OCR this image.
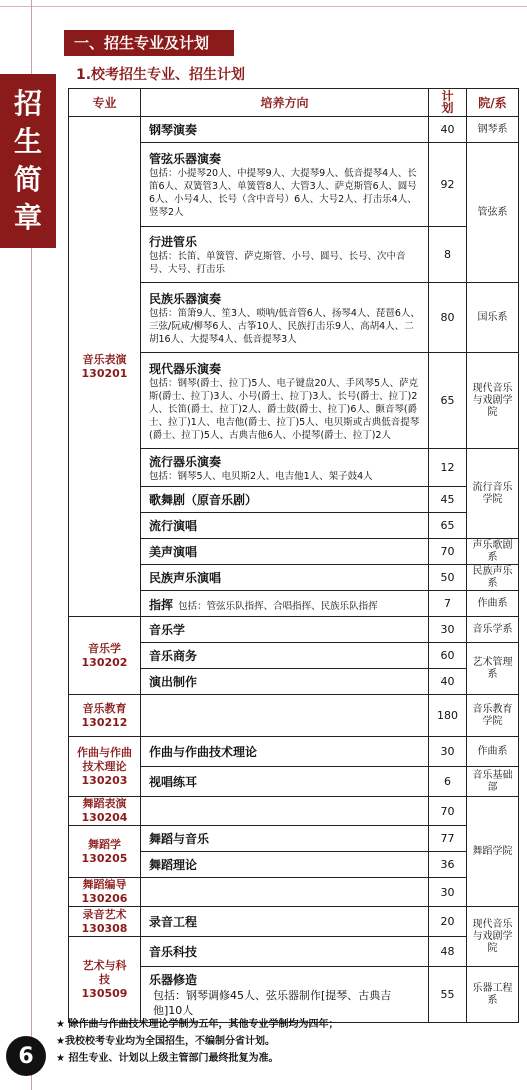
招
生
简
章
一、招生专业及计划
1.校考招生专业、招生计划
专业	培养方向	计划	院/系
音乐表演
130201	钢琴演奏	40	钢琴系

	管弦乐器演奏
包括：小提琴20人、中提琴9人、大提琴9人、低音提琴4人、长笛6人、双簧管3人、单簧管8人、大管3人、萨克斯管6人、圆号6人、小号4人、长号（含中音号）6人、大号2人、打击乐4人、竖琴2人	92	管弦系

	行进管乐
包括：长笛、单簧管、萨克斯管、小号、圆号、长号、次中音号、大号、打击乐	8	

	民族乐器演奏
包括：笛箫9人、笙3人、唢呐/低音管6人、扬琴4人、琵琶6人、三弦/阮咸/柳琴6人、古筝10人、民族打击乐9人、高胡4人、二胡16人、大提琴4人、低音提琴3人	80	国乐系

	现代器乐演奏
包括：钢琴(爵士、拉丁)5人、电子键盘20人、手风琴5人、萨克斯(爵士、拉丁)3人、小号(爵士、拉丁)3人、长号(爵士、拉丁)2人、长笛(爵士、拉丁)2人、爵士鼓(爵士、拉丁)6人、颤音琴(爵士、拉丁)1人、电吉他(爵士、拉丁)5人、电贝斯或古典低音提琴(爵士、拉丁)5人、古典吉他6人、小提琴(爵士、拉丁)2人	65	现代音乐与戏剧学院

	流行器乐演奏
包括：钢琴5人、电贝斯2人、电吉他1人、架子鼓4人	12	流行音乐学院

	歌舞剧（原音乐剧）	45	

	流行演唱	65	

	美声演唱	70	声乐歌剧系

	民族声乐演唱	50	民族声乐系
	指挥 包括：管弦乐队指挥、合唱指挥、民族乐队指挥	7	作曲系
音乐学
130202	音乐学	30	音乐学系

	音乐商务	60	艺术管理系

	演出制作	40	
音乐教育
130212		180	音乐教育学院
作曲与作曲技术理论
130203	作曲与作曲技术理论	30	作曲系

	视唱练耳	6	音乐基础部
舞蹈表演
130204		70	舞蹈学院
舞蹈学
130205	舞蹈与音乐	77	

	舞蹈理论	36	
舞蹈编导
130206		30	
录音艺术
130308	录音工程	20	现代音乐与戏剧学院
艺术与科技
130509	音乐科技	48	

	乐器修造
包括：钢琴调修45人、弦乐器制作[提琴、古典吉他]10人	55	乐器工程系
★ 除作曲与作曲技术理论学制为五年，其他专业学制均为四年；
★我校校考专业均为全国招生，不编制分省计划。
★ 招生专业、计划以上级主管部门最终批复为准。
6
